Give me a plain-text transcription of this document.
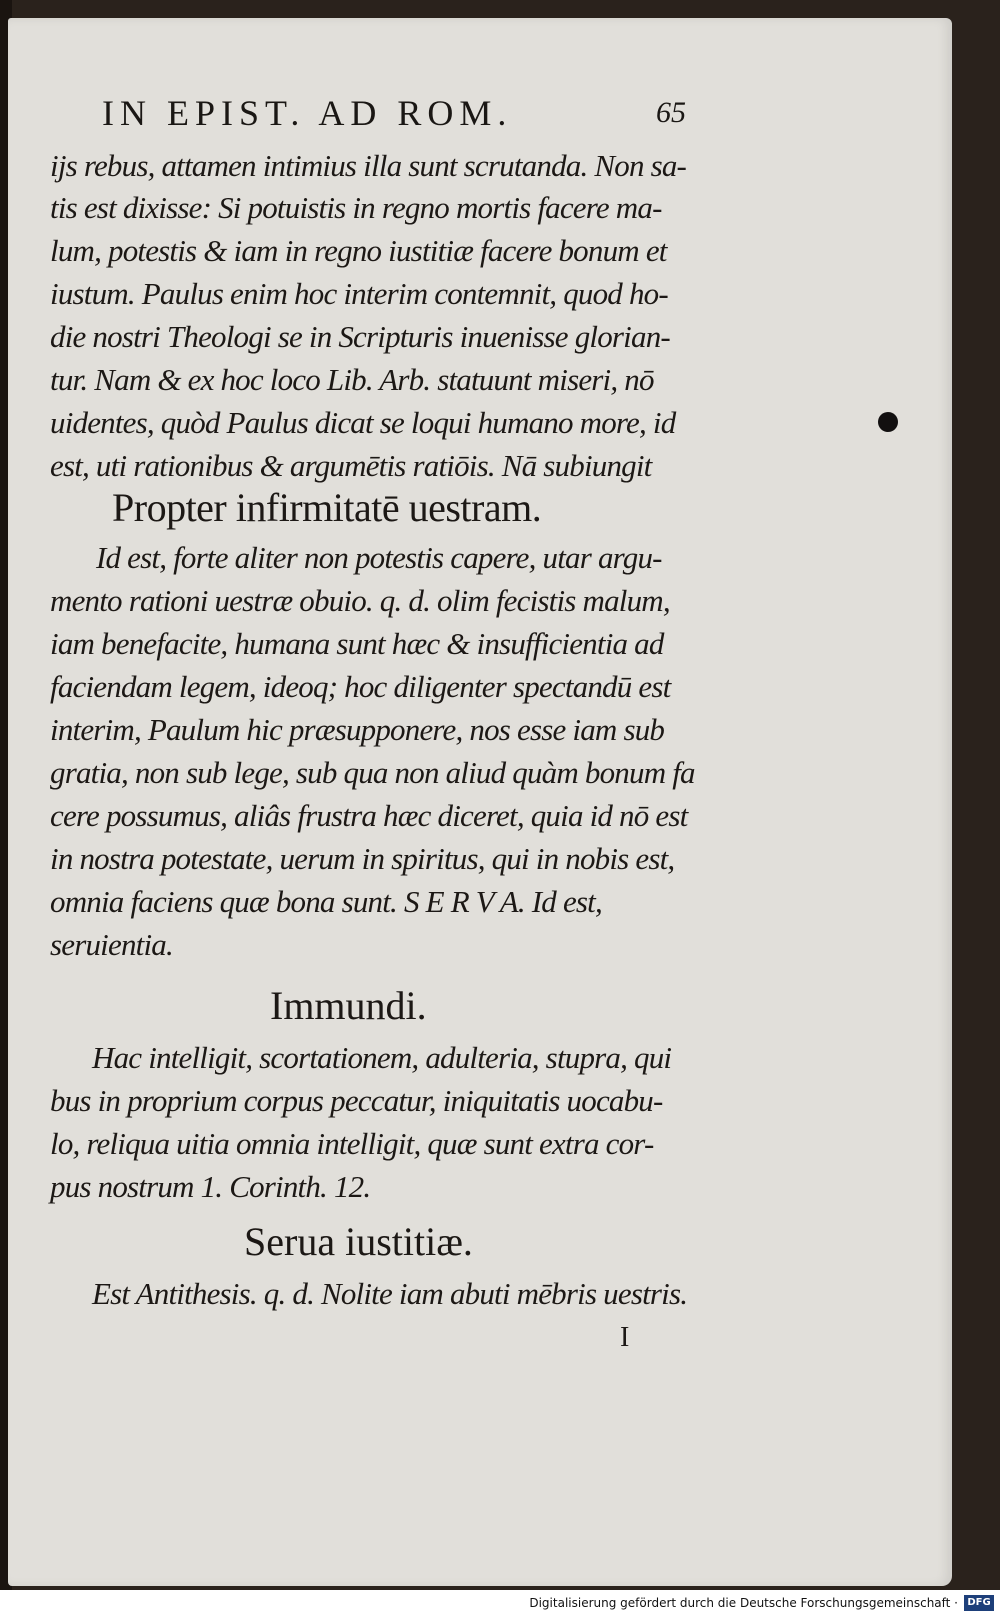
IN EPIST. AD ROM.	65
ijs rebus, attamen intimius illa sunt scrutanda. Non sa-
tis est dixisse: Si potuistis in regno mortis facere ma-
lum, potestis & iam in regno iustitiæ facere bonum et
iustum. Paulus enim hoc interim contemnit, quod ho-
die nostri Theologi se in Scripturis inuenisse glorian-
tur. Nam & ex hoc loco Lib. Arb. statuunt miseri, nō
uidentes, quòd Paulus dicat se loqui humano more, id
est, uti rationibus & argumētis ratiōis. Nā subiungit
Propter infirmitatē uestram.
Id est, forte aliter non potestis capere, utar argu-
mento rationi uestræ obuio. q. d. olim fecistis malum,
iam benefacite, humana sunt hæc & insufficientia ad
faciendam legem, ideoq; hoc diligenter spectandū est
interim, Paulum hic præsupponere, nos esse iam sub
gratia, non sub lege, sub qua non aliud quàm bonum fa
cere possumus, aliâs frustra hæc diceret, quia id nō est
in nostra potestate, uerum in spiritus, qui in nobis est,
omnia faciens quæ bona sunt. S E R V A. Id est,
seruientia.
Immundi.
Hac intelligit, scortationem, adulteria, stupra, qui
bus in proprium corpus peccatur, iniquitatis uocabu-
lo, reliqua uitia omnia intelligit, quæ sunt extra cor-
pus nostrum 1. Corinth. 12.
Serua iustitiæ.
Est Antithesis. q. d. Nolite iam abuti mēbris uestris.
I
Digitalisierung gefördert durch die Deutsche Forschungsgemeinschaft · DFG
